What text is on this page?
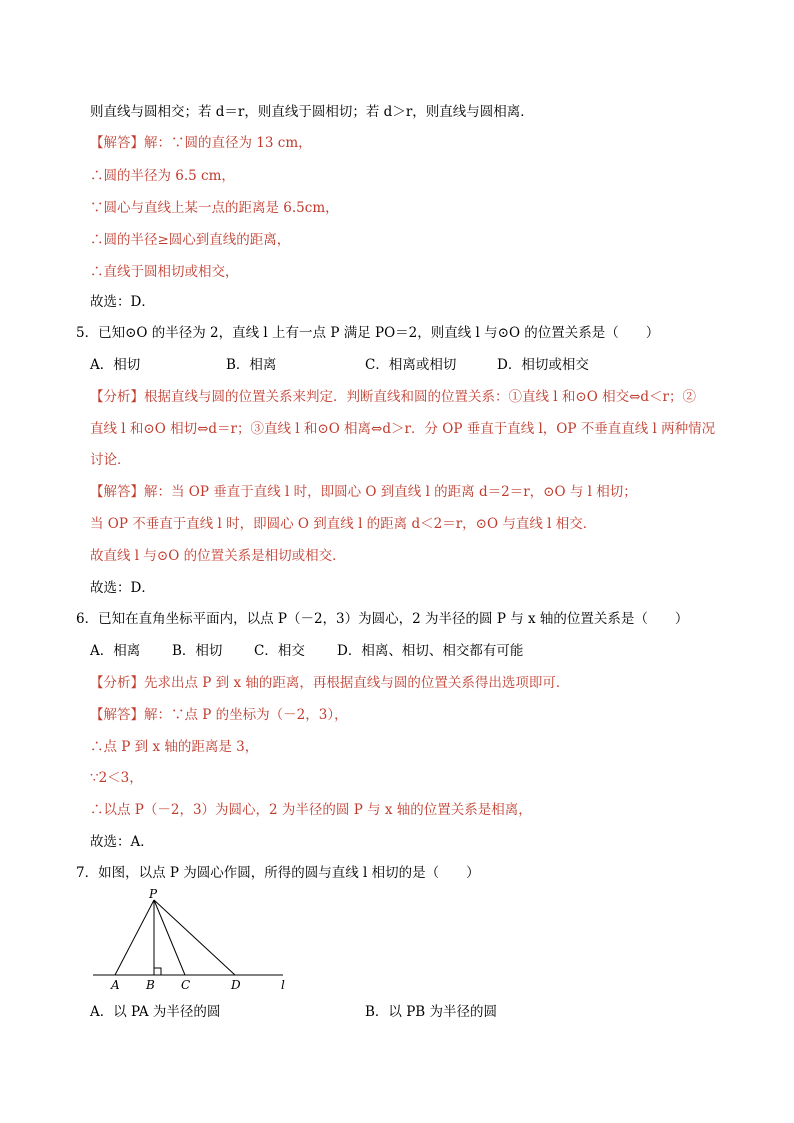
则直线与圆相交；若 d＝r，则直线于圆相切；若 d＞r，则直线与圆相离．
【解答】解：∵圆的直径为 13 cm，
∴圆的半径为 6.5 cm，
∵圆心与直线上某一点的距离是 6.5cm，
∴圆的半径≥圆心到直线的距离，
∴直线于圆相切或相交，
故选：D．
5．已知⊙O 的半径为 2，直线 l 上有一点 P 满足 PO＝2，则直线 l 与⊙O 的位置关系是（　　）
A．相切	B．相离	C．相离或相切	D．相切或相交
【分析】根据直线与圆的位置关系来判定．判断直线和圆的位置关系：①直线 l 和⊙O 相交⇔d＜r；②
直线 l 和⊙O 相切⇔d＝r；③直线 l 和⊙O 相离⇔d＞r．分 OP 垂直于直线 l，OP 不垂直直线 l 两种情况
讨论．
【解答】解：当 OP 垂直于直线 l 时，即圆心 O 到直线 l 的距离 d＝2＝r，⊙O 与 l 相切；
当 OP 不垂直于直线 l 时，即圆心 O 到直线 l 的距离 d＜2＝r，⊙O 与直线 l 相交．
故直线 l 与⊙O 的位置关系是相切或相交．
故选：D．
6．已知在直角坐标平面内，以点 P（－2，3）为圆心，2 为半径的圆 P 与 x 轴的位置关系是（　　）
A．相离 B．相切 C．相交 D．相离、相切、相交都有可能
【分析】先求出点 P 到 x 轴的距离，再根据直线与圆的位置关系得出选项即可．
【解答】解：∵点 P 的坐标为（－2，3），
∴点 P 到 x 轴的距离是 3，
∵2＜3，
∴以点 P（－2，3）为圆心，2 为半径的圆 P 与 x 轴的位置关系是相离，
故选：A．
7．如图，以点 P 为圆心作圆，所得的圆与直线 l 相切的是（　　）
P
A B C	D	l
A．以 PA 为半径的圆	B．以 PB 为半径的圆
